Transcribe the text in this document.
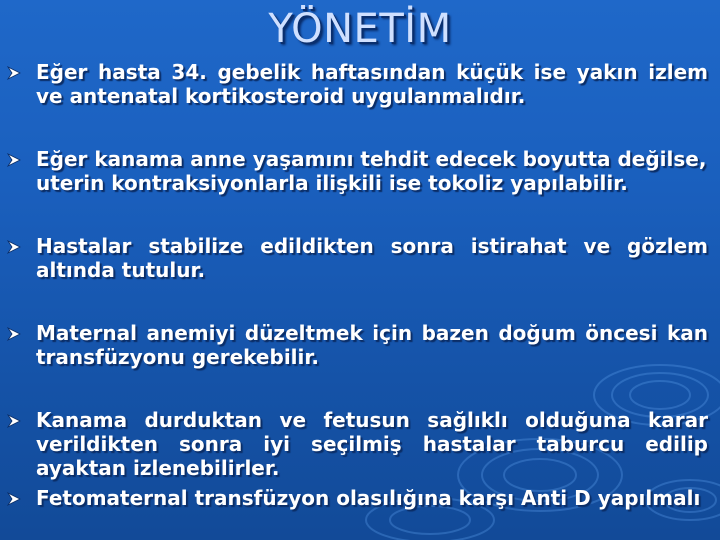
YÖNETİM
Eğer hasta 34. gebelik haftasından küçük ise yakın izlem ve antenatal kortikosteroid uygulanmalıdır.
Eğer kanama anne yaşamını tehdit edecek boyutta değilse, uterin kontraksiyonlarla ilişkili ise tokoliz yapılabilir.
Hastalar stabilize edildikten sonra istirahat ve gözlem altında tutulur.
Maternal anemiyi düzeltmek için bazen doğum öncesi kan transfüzyonu gerekebilir.
Kanama durduktan ve fetusun sağlıklı olduğuna karar verildikten sonra iyi seçilmiş hastalar taburcu edilip ayaktan izlenebilirler.
Fetomaternal transfüzyon olasılığına karşı Anti D yapılmalı
